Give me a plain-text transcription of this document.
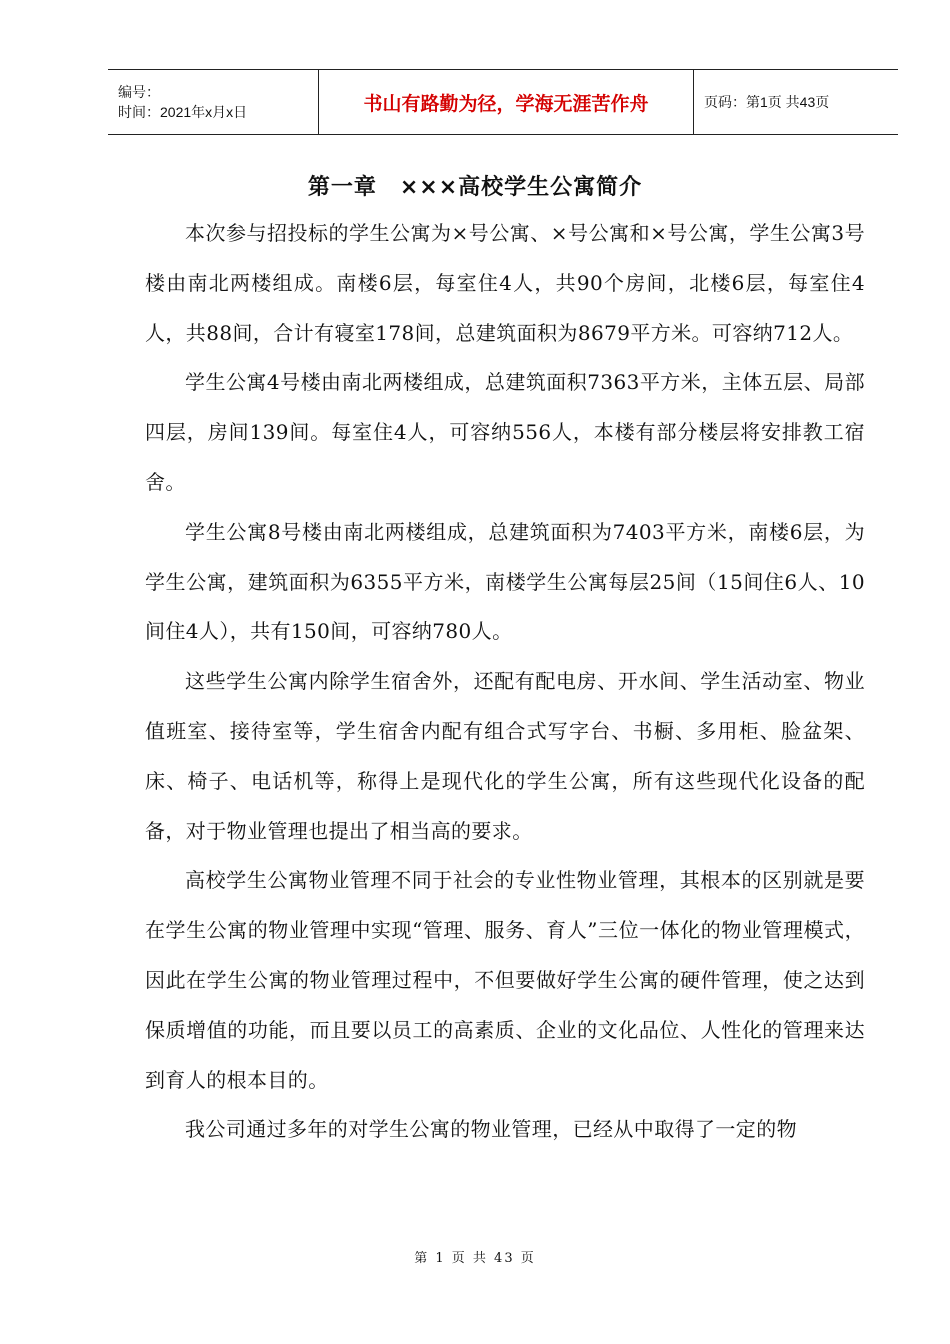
编号：
时间：2021年x月x日	书山有路勤为径，学海无涯苦作舟	页码：第1页 共43页
第一章　×××高校学生公寓简介

本次参与招投标的学生公寓为×号公寓、×号公寓和×号公寓，学生公寓3号楼由南北两楼组成。南楼6层，每室住4人，共90个房间，北楼6层，每室住4人，共88间，合计有寝室178间，总建筑面积为8679平方米。可容纳712人。

学生公寓4号楼由南北两楼组成，总建筑面积7363平方米，主体五层、局部四层，房间139间。每室住4人，可容纳556人，本楼有部分楼层将安排教工宿舍。

学生公寓8号楼由南北两楼组成，总建筑面积为7403平方米，南楼6层，为学生公寓，建筑面积为6355平方米，南楼学生公寓每层25间（15间住6人、10间住4人），共有150间，可容纳780人。

这些学生公寓内除学生宿舍外，还配有配电房、开水间、学生活动室、物业值班室、接待室等，学生宿舍内配有组合式写字台、书橱、多用柜、脸盆架、床、椅子、电话机等，称得上是现代化的学生公寓，所有这些现代化设备的配备，对于物业管理也提出了相当高的要求。

高校学生公寓物业管理不同于社会的专业性物业管理，其根本的区别就是要在学生公寓的物业管理中实现“管理、服务、育人”三位一体化的物业管理模式，因此在学生公寓的物业管理过程中，不但要做好学生公寓的硬件管理，使之达到保质增值的功能，而且要以员工的高素质、企业的文化品位、人性化的管理来达到育人的根本目的。

我公司通过多年的对学生公寓的物业管理，已经从中取得了一定的物

第 1 页 共 43 页
